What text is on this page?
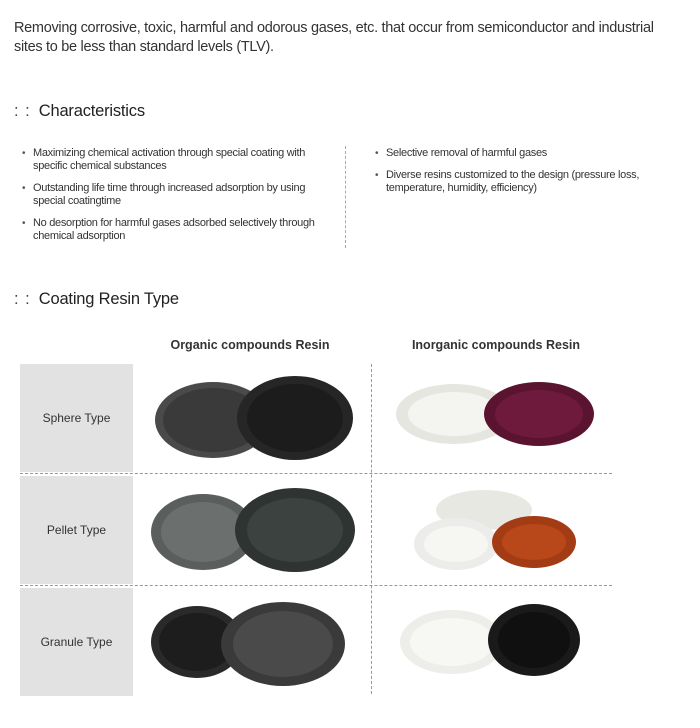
Removing corrosive, toxic, harmful and odorous gases, etc. that occur from semiconductor and industrial sites to be less than standard levels (TLV).
: : Characteristics
• Maximizing chemical activation through special coating with specific chemical substances
• Outstanding life time through increased adsorption by using special coatingtime
• No desorption for harmful gases adsorbed selectively through chemical adsorption
• Selective removal of harmful gases
• Diverse resins customized to the design (pressure loss, temperature, humidity, efficiency)
: : Coating Resin Type
Organic compounds Resin	Inorganic compounds Resin
Sphere Type
Pellet Type
Granule Type
